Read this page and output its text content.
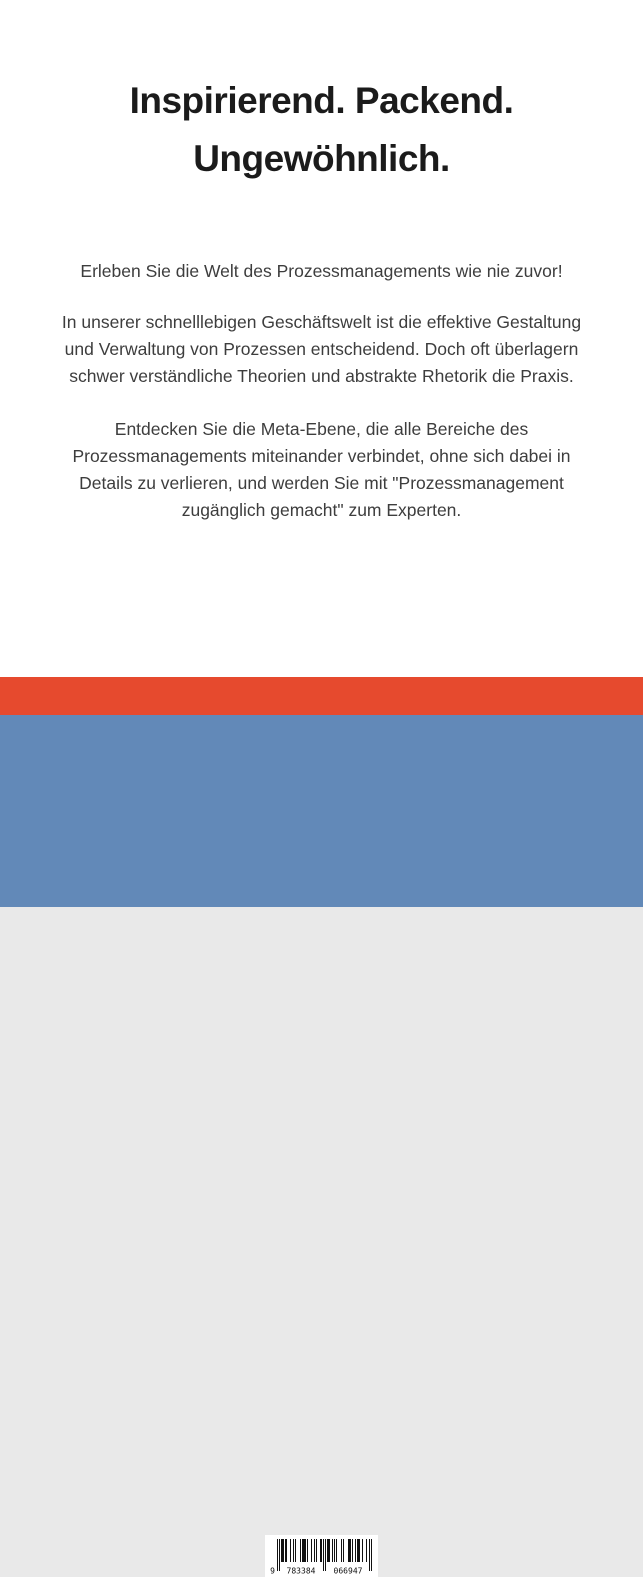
Inspirierend. Packend.
Ungewöhnlich.
Erleben Sie die Welt des Prozessmanagements wie nie zuvor!
In unserer schnelllebigen Geschäftswelt ist die effektive Gestaltung
und Verwaltung von Prozessen entscheidend. Doch oft überlagern
schwer verständliche Theorien und abstrakte Rhetorik die Praxis.
Entdecken Sie die Meta-Ebene, die alle Bereiche des
Prozessmanagements miteinander verbindet, ohne sich dabei in
Details zu verlieren, und werden Sie mit "Prozessmanagement
zugänglich gemacht" zum Experten.
9 783384 066947
